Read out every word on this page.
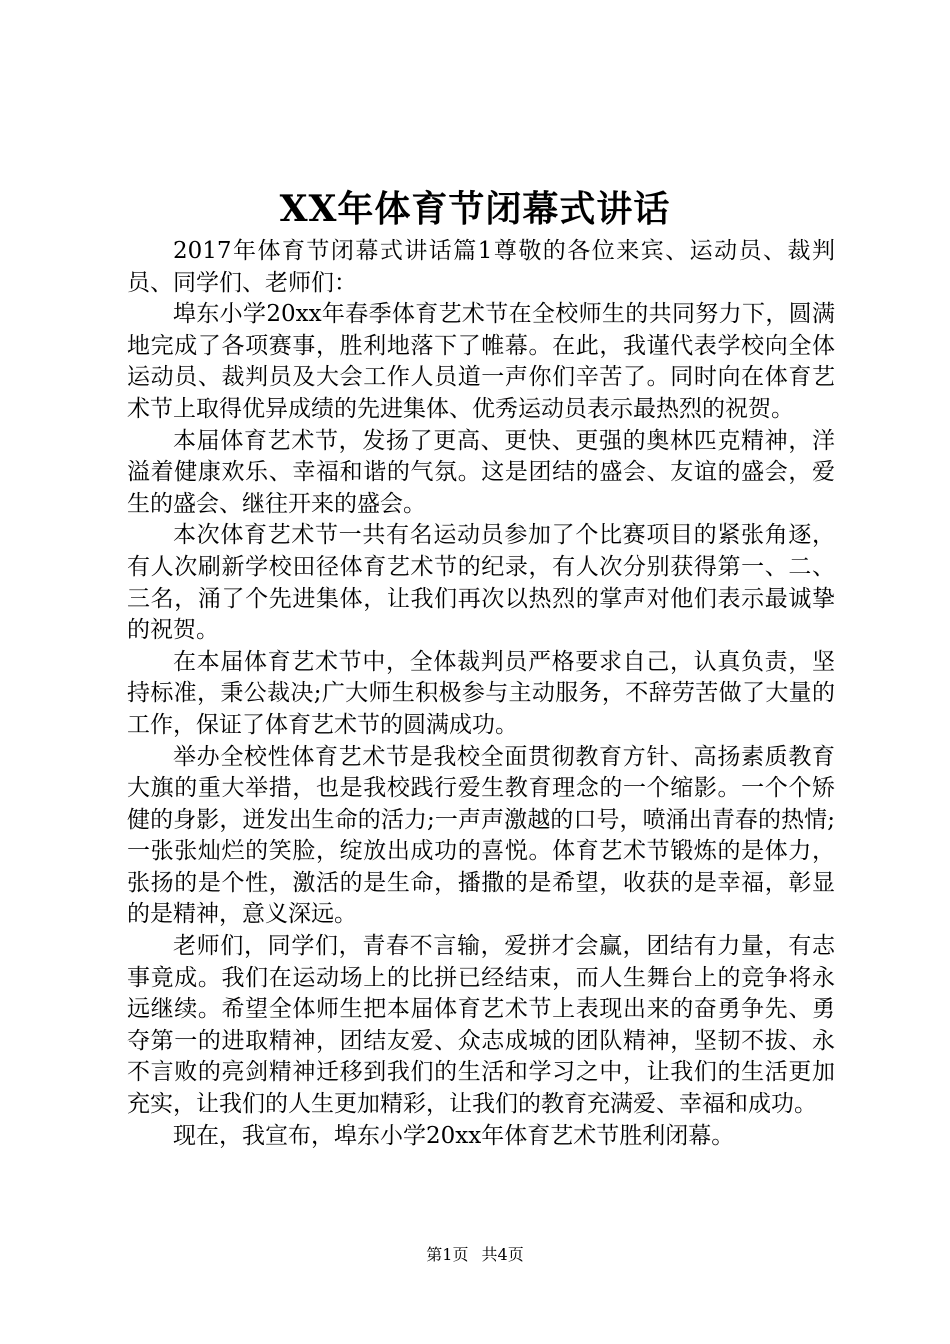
XX年体育节闭幕式讲话

2017年体育节闭幕式讲话篇1尊敬的各位来宾、运动员、裁判员、同学们、老师们：

埠东小学20xx年春季体育艺术节在全校师生的共同努力下，圆满地完成了各项赛事，胜利地落下了帷幕。在此，我谨代表学校向全体运动员、裁判员及大会工作人员道一声你们辛苦了。同时向在体育艺术节上取得优异成绩的先进集体、优秀运动员表示最热烈的祝贺。

本届体育艺术节，发扬了更高、更快、更强的奥林匹克精神，洋溢着健康欢乐、幸福和谐的气氛。这是团结的盛会、友谊的盛会，爱生的盛会、继往开来的盛会。

本次体育艺术节一共有名运动员参加了个比赛项目的紧张角逐，有人次刷新学校田径体育艺术节的纪录，有人次分别获得第一、二、三名，涌了个先进集体，让我们再次以热烈的掌声对他们表示最诚挚的祝贺。

在本届体育艺术节中，全体裁判员严格要求自己，认真负责，坚持标准，秉公裁决;广大师生积极参与主动服务，不辞劳苦做了大量的工作，保证了体育艺术节的圆满成功。

举办全校性体育艺术节是我校全面贯彻教育方针、高扬素质教育大旗的重大举措，也是我校践行爱生教育理念的一个缩影。一个个矫健的身影，迸发出生命的活力;一声声激越的口号，喷涌出青春的热情;一张张灿烂的笑脸，绽放出成功的喜悦。体育艺术节锻炼的是体力，张扬的是个性，激活的是生命，播撒的是希望，收获的是幸福，彰显的是精神，意义深远。

老师们，同学们，青春不言输，爱拼才会赢，团结有力量，有志事竟成。我们在运动场上的比拼已经结束，而人生舞台上的竞争将永远继续。希望全体师生把本届体育艺术节上表现出来的奋勇争先、勇夺第一的进取精神，团结友爱、众志成城的团队精神，坚韧不拔、永不言败的亮剑精神迁移到我们的生活和学习之中，让我们的生活更加充实，让我们的人生更加精彩，让我们的教育充满爱、幸福和成功。

现在，我宣布，埠东小学20xx年体育艺术节胜利闭幕。

第1页 共4页
